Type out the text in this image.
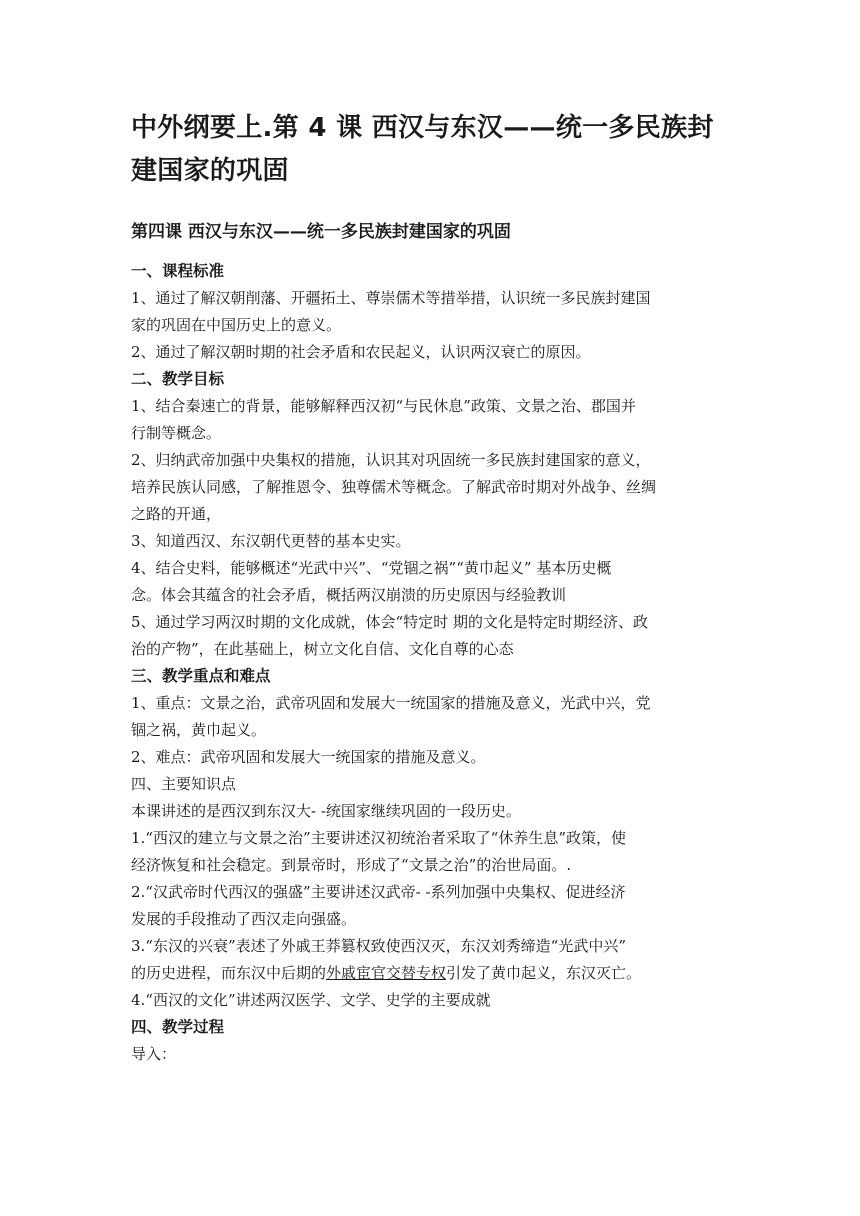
中外纲要上.第 4 课 西汉与东汉——统一多民族封建国家的巩固
第四课 西汉与东汉——统一多民族封建国家的巩固
一、课程标准
1、通过了解汉朝削藩、开疆拓土、尊崇儒术等措举措，认识统一多民族封建国
家的巩固在中国历史上的意义。
2、通过了解汉朝时期的社会矛盾和农民起义，认识两汉衰亡的原因。
二、教学目标
1、结合秦速亡的背景，能够解释西汉初“与民休息”政策、文景之治、郡国并
行制等概念。
2、归纳武帝加强中央集权的措施，认识其对巩固统一多民族封建国家的意义，
培养民族认同感，了解推恩令、独尊儒术等概念。了解武帝时期对外战争、丝绸
之路的开通，
3、知道西汉、东汉朝代更替的基本史实。
4、结合史料，能够概述“光武中兴”、“党锢之祸”“黄巾起义” 基本历史概
念。体会其蕴含的社会矛盾，概括两汉崩溃的历史原因与经验教训
5、通过学习两汉时期的文化成就，体会“特定时 期的文化是特定时期经济、政
治的产物”，在此基础上，树立文化自信、文化自尊的心态
三、教学重点和难点
1、重点：文景之治，武帝巩固和发展大一统国家的措施及意义，光武中兴，党
锢之祸，黄巾起义。
2、难点：武帝巩固和发展大一统国家的措施及意义。
四、主要知识点
本课讲述的是西汉到东汉大- -统国家继续巩固的一段历史。
1.“西汉的建立与文景之治”主要讲述汉初统治者采取了“休养生息”政策，使
经济恢复和社会稳定。到景帝时，形成了“文景之治”的治世局面。.
2.“汉武帝时代西汉的强盛”主要讲述汉武帝- -系列加强中央集权、促进经济
发展的手段推动了西汉走向强盛。
3.“东汉的兴衰”表述了外戚王莽篡权致使西汉灭，东汉刘秀缔造“光武中兴”
的历史进程，而东汉中后期的外戚宦官交替专权引发了黄巾起义，东汉灭亡。
4.“西汉的文化”讲述两汉医学、文学、史学的主要成就
四、教学过程
导入：
